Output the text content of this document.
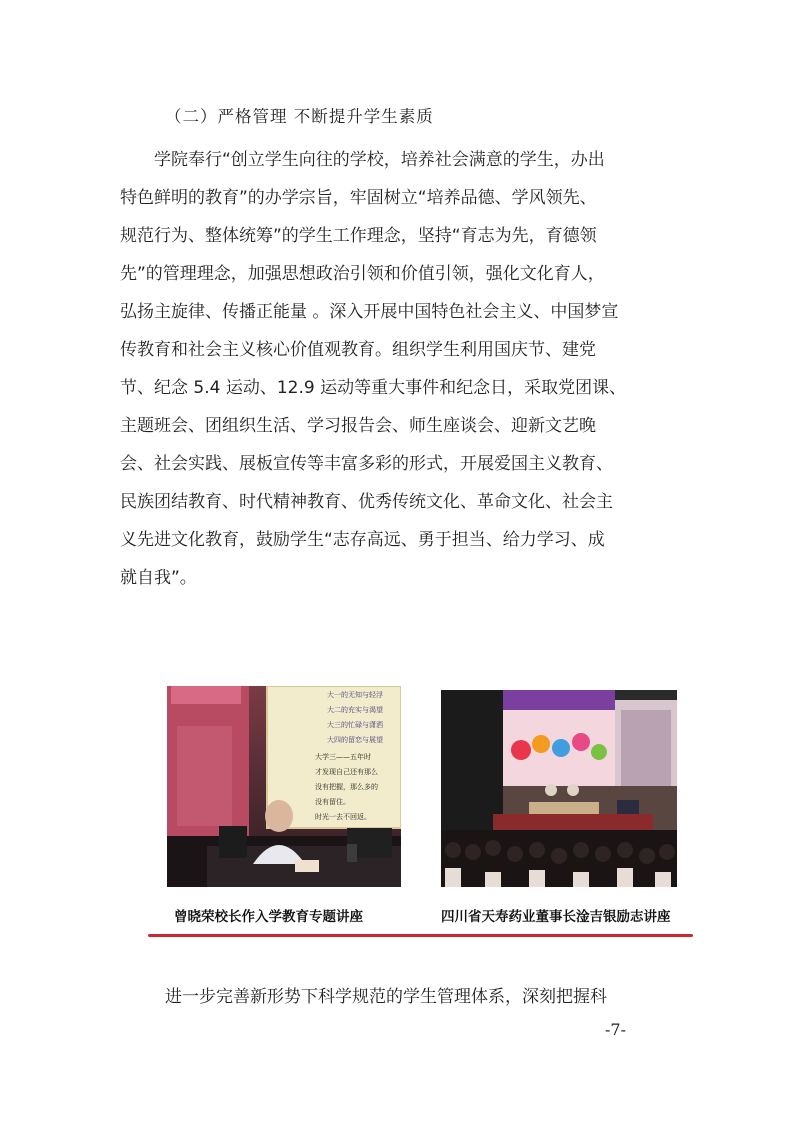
（二）严格管理 不断提升学生素质
学院奉行“创立学生向往的学校，培养社会满意的学生，办出
特色鲜明的教育”的办学宗旨，牢固树立“培养品德、学风领先、
规范行为、整体统筹”的学生工作理念，坚持“育志为先，育德领
先”的管理理念，加强思想政治引领和价值引领，强化文化育人，
弘扬主旋律、传播正能量 。深入开展中国特色社会主义、中国梦宣
传教育和社会主义核心价值观教育。组织学生利用国庆节、建党
节、纪念 5.4 运动、12.9 运动等重大事件和纪念日，采取党团课、
主题班会、团组织生活、学习报告会、师生座谈会、迎新文艺晚
会、社会实践、展板宣传等丰富多彩的形式，开展爱国主义教育、
民族团结教育、时代精神教育、优秀传统文化、革命文化、社会主
义先进文化教育，鼓励学生“志存高远、勇于担当、给力学习、成
就自我”。
大一的无知与轻浮
大二的充实与渴望
大三的忙碌与潇洒
大四的留恋与展望
大学三——五年时
才发现自己还有那么
没有把握，那么多的
没有留住。
时光一去不回返。
曾晓荣校长作入学教育专题讲座	四川省天寿药业董事长淦吉银励志讲座
进一步完善新形势下科学规范的学生管理体系，深刻把握科
-7-
